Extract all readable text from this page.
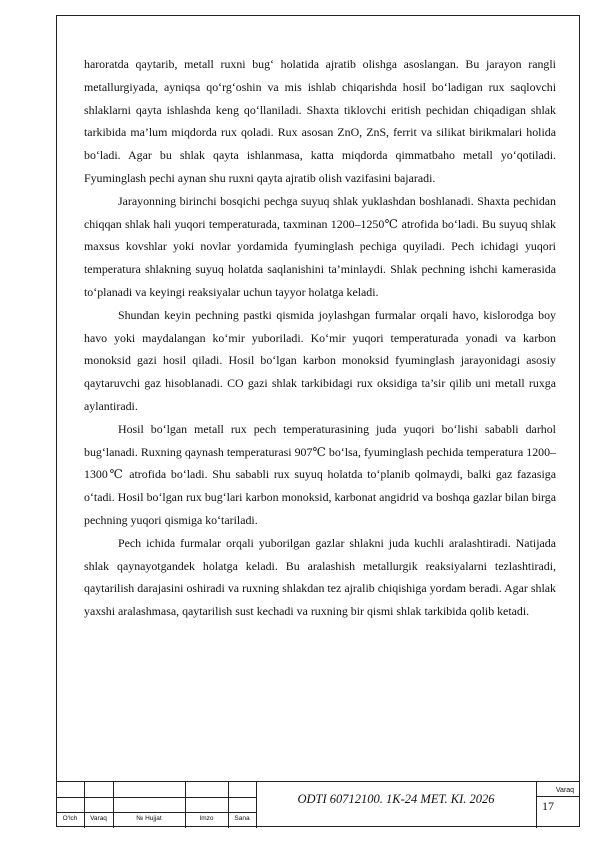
haroratda qaytarib, metall ruxni bug‘ holatida ajratib olishga asoslangan. Bu jarayon rangli metallurgiyada, ayniqsa qo‘rg‘oshin va mis ishlab chiqarishda hosil bo‘ladigan rux saqlovchi shlaklarni qayta ishlashda keng qo‘llaniladi. Shaxta tiklovchi eritish pechidan chiqadigan shlak tarkibida ma’lum miqdorda rux qoladi. Rux asosan ZnO, ZnS, ferrit va silikat birikmalari holida bo‘ladi. Agar bu shlak qayta ishlanmasa, katta miqdorda qimmatbaho metall yo‘qotiladi. Fyuminglash pechi aynan shu ruxni qayta ajratib olish vazifasini bajaradi.

Jarayonning birinchi bosqichi pechga suyuq shlak yuklashdan boshlanadi. Shaxta pechidan chiqqan shlak hali yuqori temperaturada, taxminan 1200–1250℃ atrofida bo‘ladi. Bu suyuq shlak maxsus kovshlar yoki novlar yordamida fyuminglash pechiga quyiladi. Pech ichidagi yuqori temperatura shlakning suyuq holatda saqlanishini ta’minlaydi. Shlak pechning ishchi kamerasida to‘planadi va keyingi reaksiyalar uchun tayyor holatga keladi.

Shundan keyin pechning pastki qismida joylashgan furmalar orqali havo, kislorodga boy havo yoki maydalangan ko‘mir yuboriladi. Ko‘mir yuqori temperaturada yonadi va karbon monoksid gazi hosil qiladi. Hosil bo‘lgan karbon monoksid fyuminglash jarayonidagi asosiy qaytaruvchi gaz hisoblanadi. CO gazi shlak tarkibidagi rux oksidiga ta’sir qilib uni metall ruxga aylantiradi.

Hosil bo‘lgan metall rux pech temperaturasining juda yuqori bo‘lishi sababli darhol bug‘lanadi. Ruxning qaynash temperaturasi 907℃ bo‘lsa, fyuminglash pechida temperatura 1200–1300℃ atrofida bo‘ladi. Shu sababli rux suyuq holatda to‘planib qolmaydi, balki gaz fazasiga o‘tadi. Hosil bo‘lgan rux bug‘lari karbon monoksid, karbonat angidrid va boshqa gazlar bilan birga pechning yuqori qismiga ko‘tariladi.

Pech ichida furmalar orqali yuborilgan gazlar shlakni juda kuchli aralashtiradi. Natijada shlak qaynayotgandek holatga keladi. Bu aralashish metallurgik reaksiyalarni tezlashtiradi, qaytarilish darajasini oshiradi va ruxning shlakdan tez ajralib chiqishiga yordam beradi. Agar shlak yaxshi aralashmasa, qaytarilish sust kechadi va ruxning bir qismi shlak tarkibida qolib ketadi.

O‘lch	Varaq	№ Hujjat	Imzo	Sana
ODTI 60712100. 1K-24 MET. KI. 2026
Varaq
17
